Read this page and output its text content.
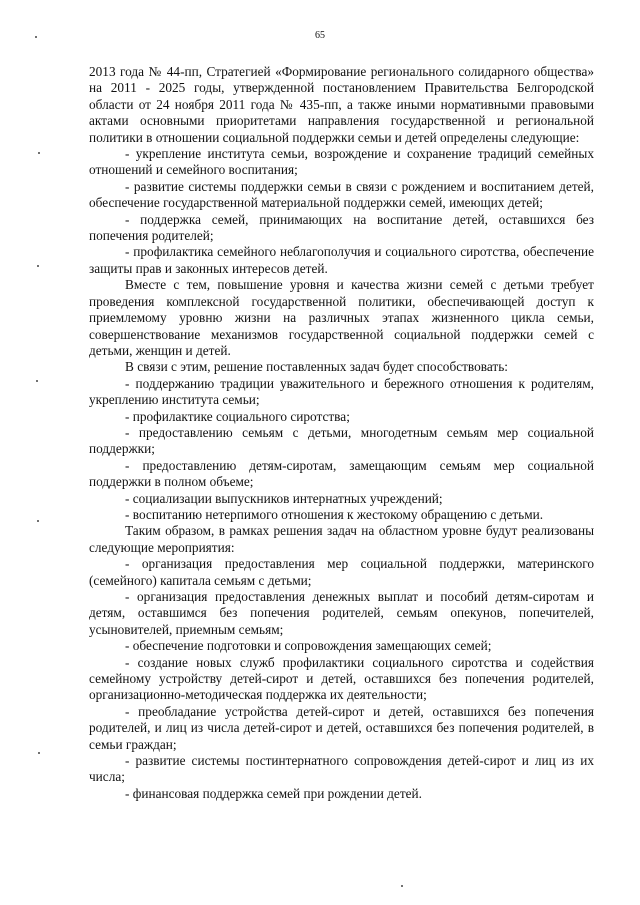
65

2013 года № 44-пп, Стратегией «Формирование регионального солидарного общества» на 2011 - 2025 годы, утвержденной постановлением Правительства Белгородской области от 24 ноября 2011 года № 435-пп, а также иными нормативными правовыми актами основными приоритетами направления государственной и региональной политики в отношении социальной поддержки семьи и детей определены следующие:

- укрепление института семьи, возрождение и сохранение традиций семейных отношений и семейного воспитания;

- развитие системы поддержки семьи в связи с рождением и воспитанием детей, обеспечение государственной материальной поддержки семей, имеющих детей;

- поддержка семей, принимающих на воспитание детей, оставшихся без попечения родителей;

- профилактика семейного неблагополучия и социального сиротства, обеспечение защиты прав и законных интересов детей.

Вместе с тем, повышение уровня и качества жизни семей с детьми требует проведения комплексной государственной политики, обеспечивающей доступ к приемлемому уровню жизни на различных этапах жизненного цикла семьи, совершенствование механизмов государственной социальной поддержки семей с детьми, женщин и детей.

В связи с этим, решение поставленных задач будет способствовать:

- поддержанию традиции уважительного и бережного отношения к родителям, укреплению института семьи;

- профилактике социального сиротства;

- предоставлению семьям с детьми, многодетным семьям мер социальной поддержки;

- предоставлению детям-сиротам, замещающим семьям мер социальной поддержки в полном объеме;

- социализации выпускников интернатных учреждений;

- воспитанию нетерпимого отношения к жестокому обращению с детьми.

Таким образом, в рамках решения задач на областном уровне будут реализованы следующие мероприятия:

- организация предоставления мер социальной поддержки, материнского (семейного) капитала семьям с детьми;

- организация предоставления денежных выплат и пособий детям-сиротам и детям, оставшимся без попечения родителей, семьям опекунов, попечителей, усыновителей, приемным семьям;

- обеспечение подготовки и сопровождения замещающих семей;

- создание новых служб профилактики социального сиротства и содействия семейному устройству детей-сирот и детей, оставшихся без попечения родителей, организационно-методическая поддержка их деятельности;

- преобладание устройства детей-сирот и детей, оставшихся без попечения родителей, и лиц из числа детей-сирот и детей, оставшихся без попечения родителей, в семьи граждан;

- развитие системы постинтернатного сопровождения детей-сирот и лиц из их числа;

- финансовая поддержка семей при рождении детей.
